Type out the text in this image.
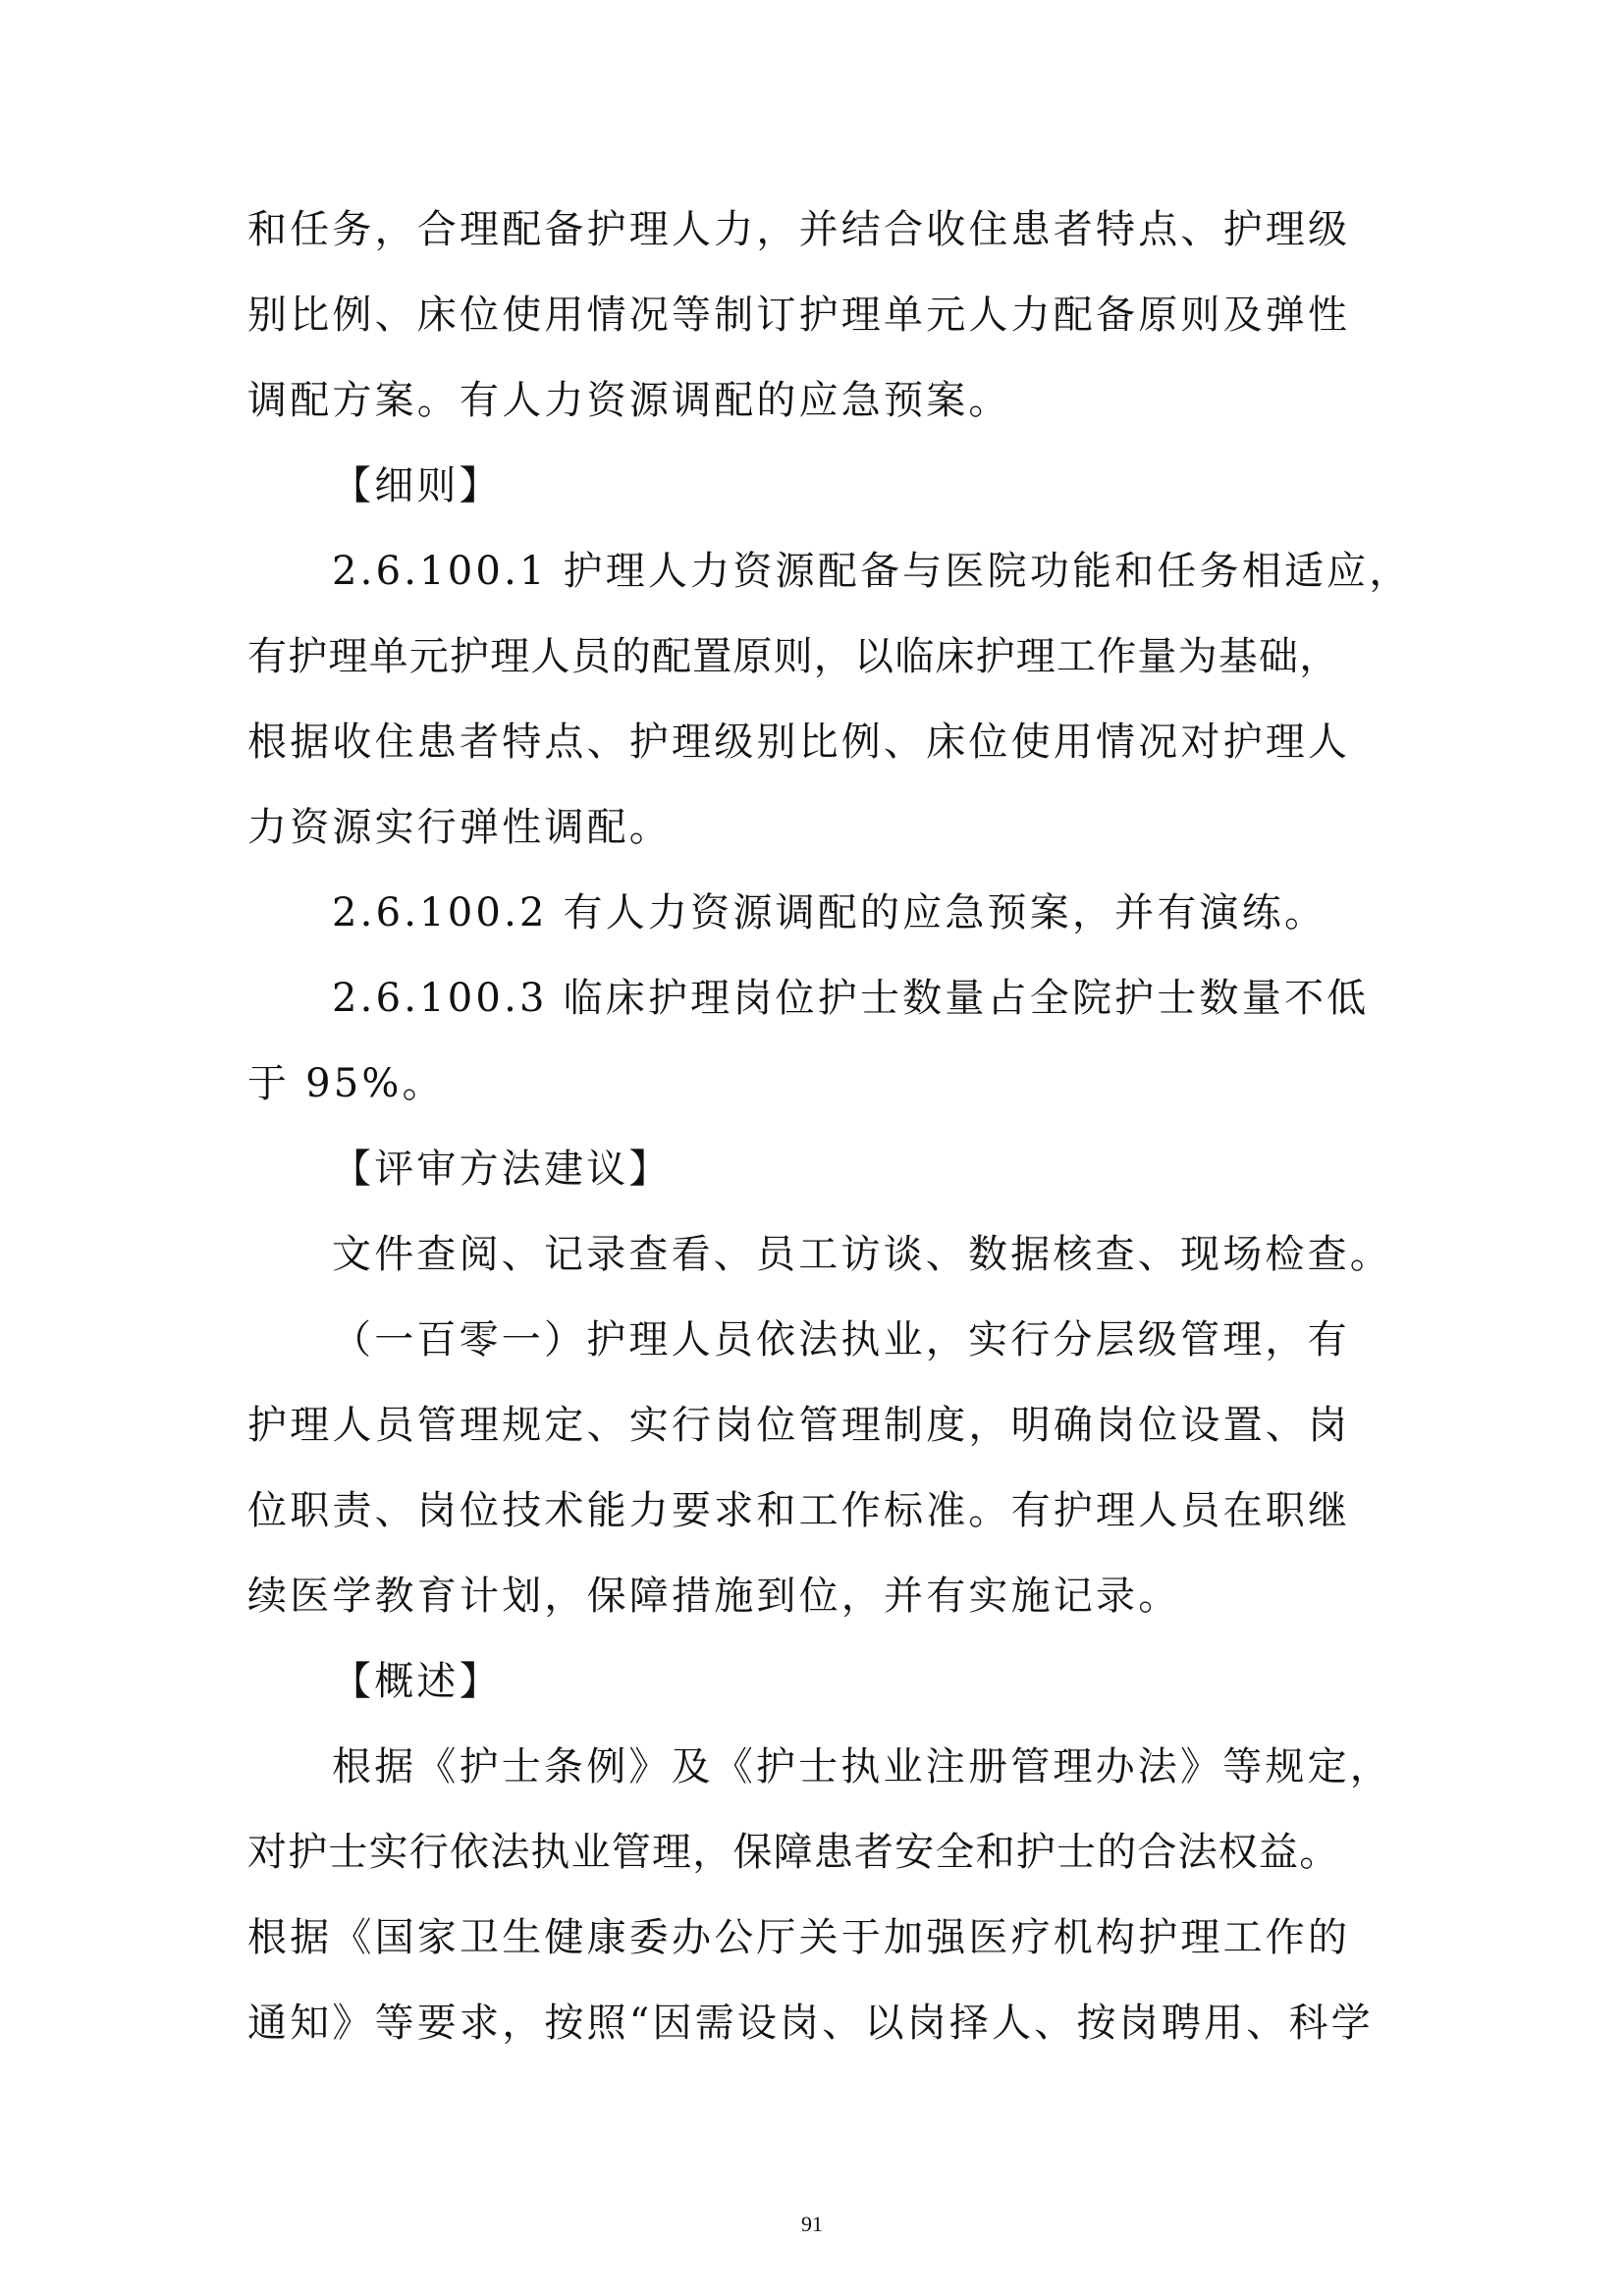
和任务，合理配备护理人力，并结合收住患者特点、护理级
别比例、床位使用情况等制订护理单元人力配备原则及弹性
调配方案。有人力资源调配的应急预案。
【细则】
2.6.100.1 护理人力资源配备与医院功能和任务相适应，
有护理单元护理人员的配置原则，以临床护理工作量为基础，
根据收住患者特点、护理级别比例、床位使用情况对护理人
力资源实行弹性调配。
2.6.100.2 有人力资源调配的应急预案，并有演练。
2.6.100.3 临床护理岗位护士数量占全院护士数量不低
于 95%。
【评审方法建议】
文件查阅、记录查看、员工访谈、数据核查、现场检查。
（一百零一）护理人员依法执业，实行分层级管理，有
护理人员管理规定、实行岗位管理制度，明确岗位设置、岗
位职责、岗位技术能力要求和工作标准。有护理人员在职继
续医学教育计划，保障措施到位，并有实施记录。
【概述】
根据《护士条例》及《护士执业注册管理办法》等规定，
对护士实行依法执业管理，保障患者安全和护士的合法权益。
根据《国家卫生健康委办公厅关于加强医疗机构护理工作的
通知》等要求，按照“因需设岗、以岗择人、按岗聘用、科学
91
